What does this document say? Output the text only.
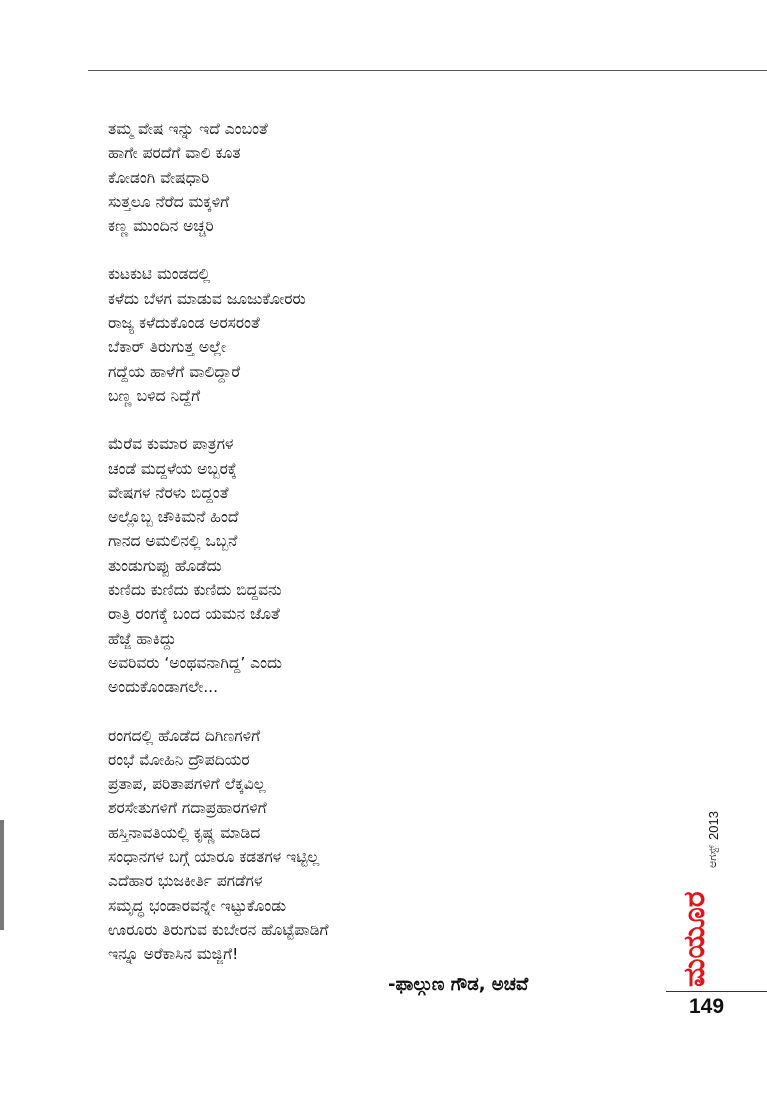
ತಮ್ಮ ವೇಷ ಇನ್ನು ಇದೆ ಎಂಬಂತೆ
ಹಾಗೇ ಪರದೆಗೆ ವಾಲಿ ಕೂತ
ಕೋಡಂಗಿ ವೇಷಧಾರಿ
ಸುತ್ತಲೂ ನೆರೆದ ಮಕ್ಕಳಿಗೆ
ಕಣ್ಣ ಮುಂದಿನ ಅಚ್ಚರಿ
ಕುಟಕುಟಿ ಮಂಡದಲ್ಲಿ
ಕಳೆದು ಬೆಳಗ ಮಾಡುವ ಜೂಜುಕೋರರು
ರಾಜ್ಯ ಕಳೆದುಕೊಂಡ ಅರಸರಂತೆ
ಬೆಕಾರ್ ತಿರುಗುತ್ತ ಅಲ್ಲೇ
ಗದ್ದೆಯ ಹಾಳೆಗೆ ವಾಲಿದ್ದಾರೆ
ಬಣ್ಣ ಬಳಿದ ನಿದ್ದೆಗೆ
ಮೆರೆವ ಕುಮಾರ ಪಾತ್ರಗಳ
ಚಂಡೆ ಮದ್ದಳೆಯ ಅಬ್ಬರಕ್ಕೆ
ವೇಷಗಳ ನೆರಳು ಬಿದ್ದಂತೆ
ಅಲ್ಲೊಬ್ಬ ಚೌಕಿಮನೆ ಹಿಂದೆ
ಗಾನದ ಅಮಲಿನಲ್ಲಿ ಒಬ್ಬನೆ
ತುಂಡುಗುಪ್ಪು ಹೊಡೆದು
ಕುಣಿದು ಕುಣಿದು ಕುಣಿದು ಬಿದ್ದವನು
ರಾತ್ರಿ ರಂಗಕ್ಕೆ ಬಂದ ಯಮನ ಜೊತೆ
ಹೆಜ್ಜೆ ಹಾಕಿದ್ದು
ಅವರಿವರು ‘ಅಂಥವನಾಗಿದ್ದ’ ಎಂದು
ಅಂದುಕೊಂಡಾಗಲೇ...
ರಂಗದಲ್ಲಿ ಹೊಡೆದ ದಿಗಿಣಗಳಿಗೆ
ರಂಭೆ ಮೋಹಿನಿ ದ್ರೌಪದಿಯರ
ಪ್ರತಾಪ, ಪರಿತಾಪಗಳಿಗೆ ಲೆಕ್ಕವಿಲ್ಲ
ಶರಸೇತುಗಳಿಗೆ ಗದಾಪ್ರಹಾರಗಳಿಗೆ
ಹಸ್ತಿನಾವತಿಯಲ್ಲಿ ಕೃಷ್ಣ ಮಾಡಿದ
ಸಂಧಾನಗಳ ಬಗ್ಗೆ ಯಾರೂ ಕಡತಗಳ ಇಟ್ಟಿಲ್ಲ
ಎದೆಹಾರ ಭುಜಕೀರ್ತಿ ಪಗಡೆಗಳ
ಸಮೃದ್ಧ ಭಂಡಾರವನ್ನೇ ಇಟ್ಟುಕೊಂಡು
ಊರೂರು ತಿರುಗುವ ಕುಬೇರನ ಹೊಟ್ಟೆಪಾಡಿಗೆ
ಇನ್ನೂ ಅರೆಕಾಸಿನ ಮಜ್ಜಿಗೆ!
-ಫಾಲ್ಗುಣ ಗೌಡ, ಅಚವೆ
2013
ಆಗಸ್ಟ್
ಮಯೂರ
149
